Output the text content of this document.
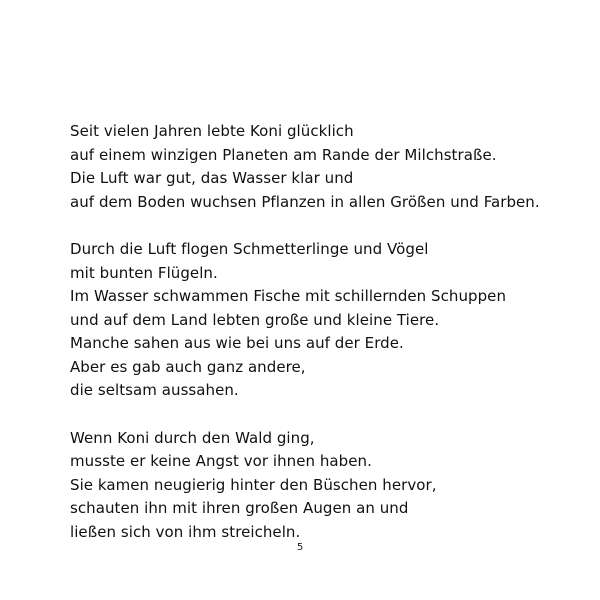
Seit vielen Jahren lebte Koni glücklich
auf einem winzigen Planeten am Rande der Milchstraße.
Die Luft war gut, das Wasser klar und
auf dem Boden wuchsen Pflanzen in allen Größen und Farben.

Durch die Luft flogen Schmetterlinge und Vögel
mit bunten Flügeln.
Im Wasser schwammen Fische mit schillernden Schuppen
und auf dem Land lebten große und kleine Tiere.
Manche sahen aus wie bei uns auf der Erde.
Aber es gab auch ganz andere,
die seltsam aussahen.

Wenn Koni durch den Wald ging,
musste er keine Angst vor ihnen haben.
Sie kamen neugierig hinter den Büschen hervor,
schauten ihn mit ihren großen Augen an und
ließen sich von ihm streicheln.

5
